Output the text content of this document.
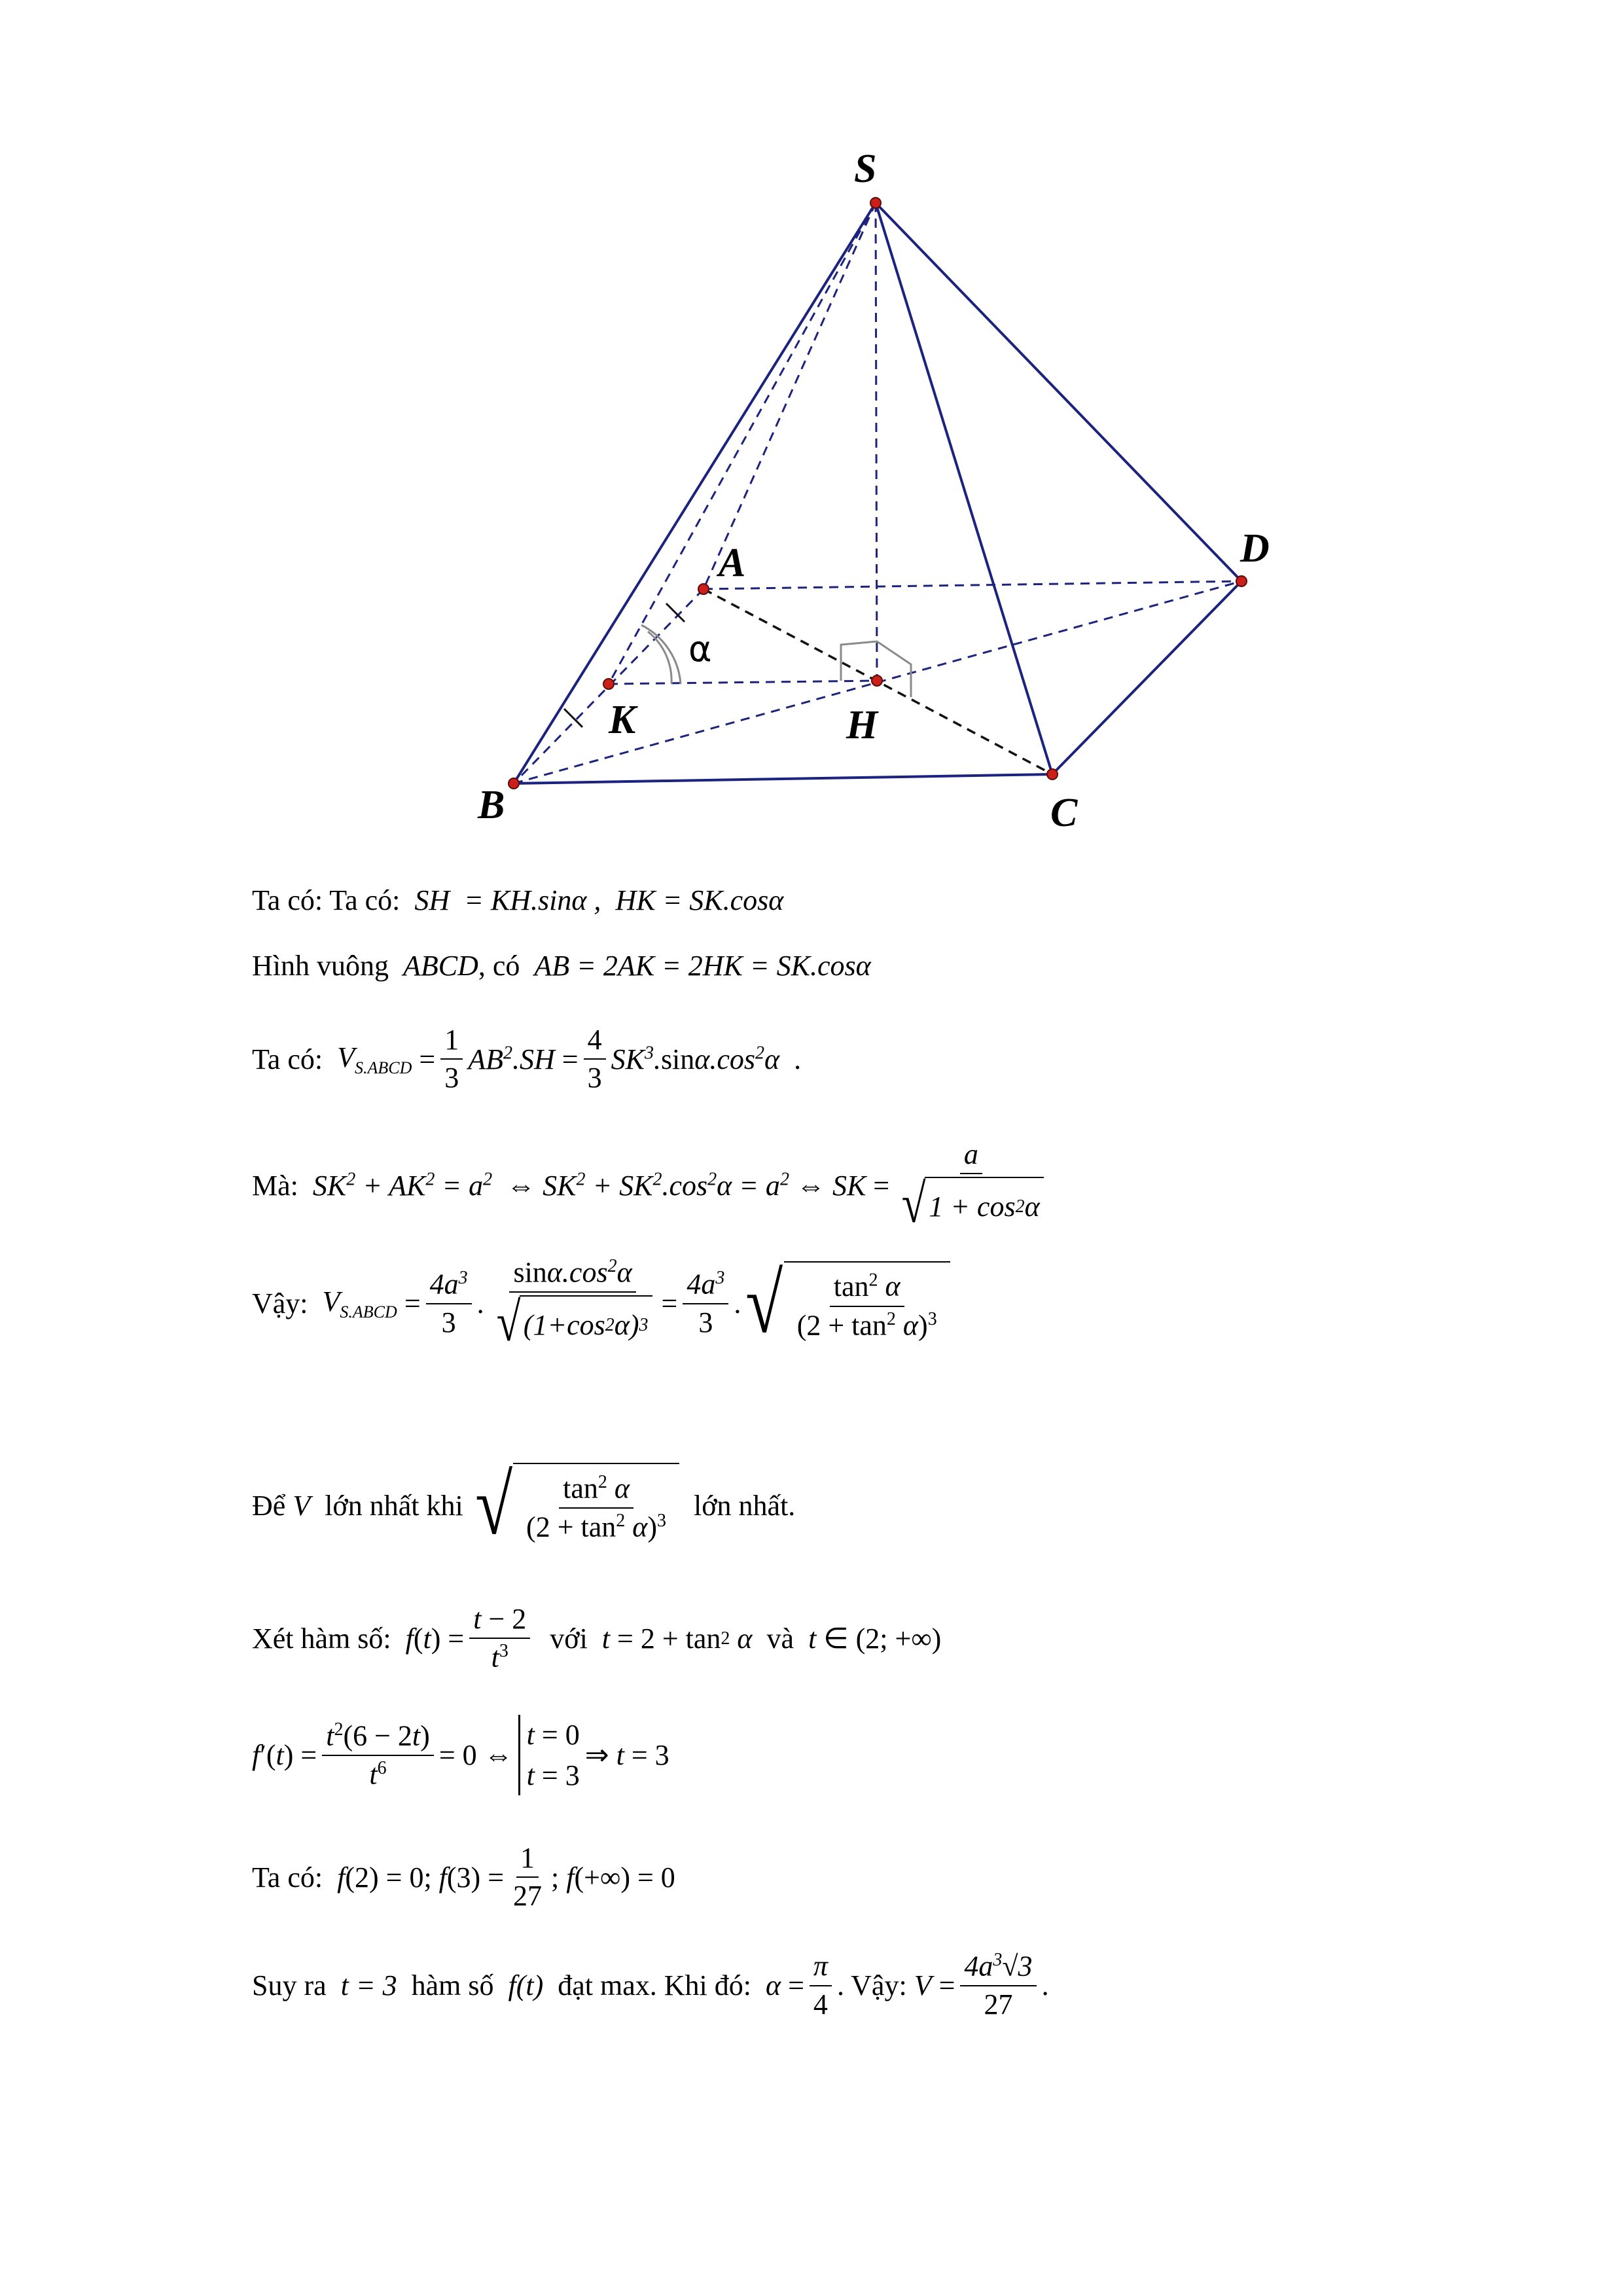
S
A	D
K	H
B	C
α
Ta có: Ta có: SH = KH.sinα , HK = SK.cosα
Hình vuông ABCD , có AB = 2AK = 2HK = SK.cosα
Ta có: $V_{S.ABCD} = \frac{1}{3} AB^2.SH = \frac{4}{3} SK^3.\sin\alpha.\cos^2\alpha$ .
Mà: $SK^2 + AK^2 = a^2$ ⇔ $SK^2 + SK^2.\cos^2\alpha = a^2$ ⇔ SK = $\frac{a}{√ 1 + \cos 2 \alpha}$
Vậy: $V_{S.ABCD} = \frac{4a^3}{3}$ . $\frac{\sin\alpha.\cos^2\alpha}{√ (1+\cos 2 \alpha) 3} = \frac{4a^3}{3}$ . √ $\frac{\tan^2 \alpha}{(2 + \tan^2 \alpha)^3}$
Để
V lớn nhất khi
√ $\frac{\tan^2 \alpha}{(2 + \tan^2 \alpha)^3}$ lớn nhất.
Xét hàm số: f ( t ) = $\frac{t - 2}{t^3}$ với
t = 2 + tan 2
α và
t ∈ (2; +∞)
f ′( t ) = $\frac{t^2(6 - 2t)}{t^6} = 0$ ⇔
t = 0
t = 3
⇒ t = 3
Ta có: f (2) = 0; f $(3) = \frac{1}{27}$ ; f (+∞) = 0
Suy ra t = 3 hàm số f(t) đạt max. Khi đó:
$\alpha = \frac{\pi}{4}$ . Vậy:
$V = \frac{4a^3√3}{27}$ .
